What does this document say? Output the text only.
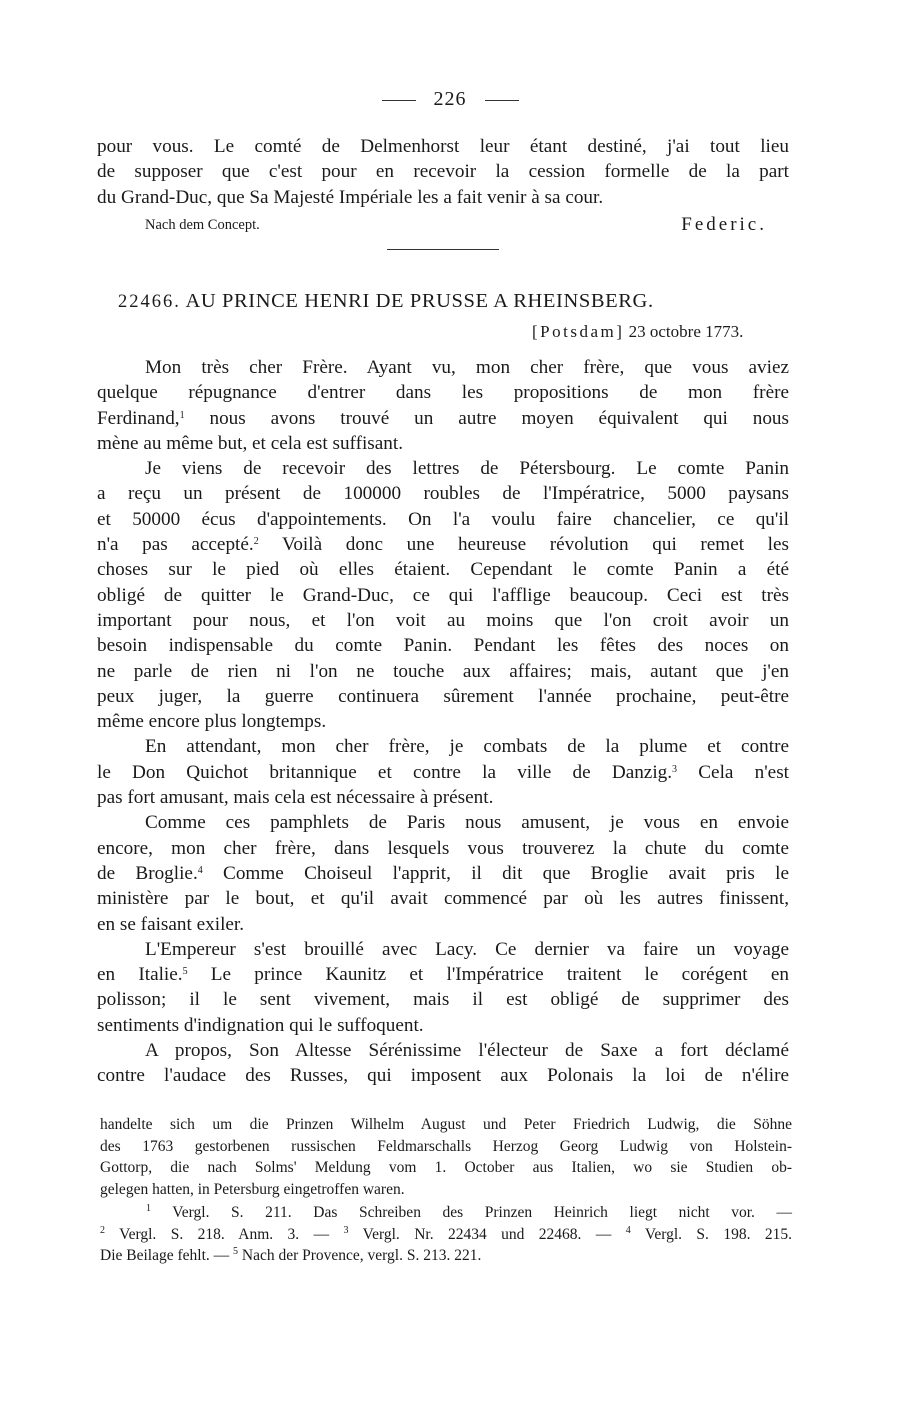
226
pour vous. Le comté de Delmenhorst leur étant destiné, j'ai tout lieu
de supposer que c'est pour en recevoir la cession formelle de la part
du Grand-Duc, que Sa Majesté Impériale les a fait venir à sa cour.
Nach dem Concept.	Federic.
22466. AU PRINCE HENRI DE PRUSSE A RHEINSBERG.
[Potsdam] 23 octobre 1773.
Mon très cher Frère. Ayant vu, mon cher frère, que vous aviez
quelque répugnance d'entrer dans les propositions de mon frère
Ferdinand,$^1$ nous avons trouvé un autre moyen équivalent qui nous
mène au même but, et cela est suffisant.
Je viens de recevoir des lettres de Pétersbourg. Le comte Panin
a reçu un présent de 100000 roubles de l'Impératrice, 5000 paysans
et 50000 écus d'appointements. On l'a voulu faire chancelier, ce qu'il
n'a pas accepté.$^2$ Voilà donc une heureuse révolution qui remet les
choses sur le pied où elles étaient. Cependant le comte Panin a été
obligé de quitter le Grand-Duc, ce qui l'afflige beaucoup. Ceci est très
important pour nous, et l'on voit au moins que l'on croit avoir un
besoin indispensable du comte Panin. Pendant les fêtes des noces on
ne parle de rien ni l'on ne touche aux affaires; mais, autant que j'en
peux juger, la guerre continuera sûrement l'année prochaine, peut-être
même encore plus longtemps.
En attendant, mon cher frère, je combats de la plume et contre
le Don Quichot britannique et contre la ville de Danzig.$^3$ Cela n'est
pas fort amusant, mais cela est nécessaire à présent.
Comme ces pamphlets de Paris nous amusent, je vous en envoie
encore, mon cher frère, dans lesquels vous trouverez la chute du comte
de Broglie.$^4$ Comme Choiseul l'apprit, il dit que Broglie avait pris le
ministère par le bout, et qu'il avait commencé par où les autres finissent,
en se faisant exiler.
L'Empereur s'est brouillé avec Lacy. Ce dernier va faire un voyage
en Italie.$^5$ Le prince Kaunitz et l'Impératrice traitent le corégent en
polisson; il le sent vivement, mais il est obligé de supprimer des
sentiments d'indignation qui le suffoquent.
A propos, Son Altesse Sérénissime l'électeur de Saxe a fort déclamé
contre l'audace des Russes, qui imposent aux Polonais la loi de n'élire
handelte sich um die Prinzen Wilhelm August und Peter Friedrich Ludwig, die Söhne
des 1763 gestorbenen russischen Feldmarschalls Herzog Georg Ludwig von Holstein-
Gottorp, die nach Solms' Meldung vom 1. October aus Italien, wo sie Studien ob-
gelegen hatten, in Petersburg eingetroffen waren.
$^1$ Vergl. S. 211. Das Schreiben des Prinzen Heinrich liegt nicht vor. —
$^2$ Vergl. S. 218. Anm. 3. — $^3$ Vergl. Nr. 22434 und 22468. — $^4$ Vergl. S. 198. 215.
Die Beilage fehlt. — $^5$ Nach der Provence, vergl. S. 213. 221.
